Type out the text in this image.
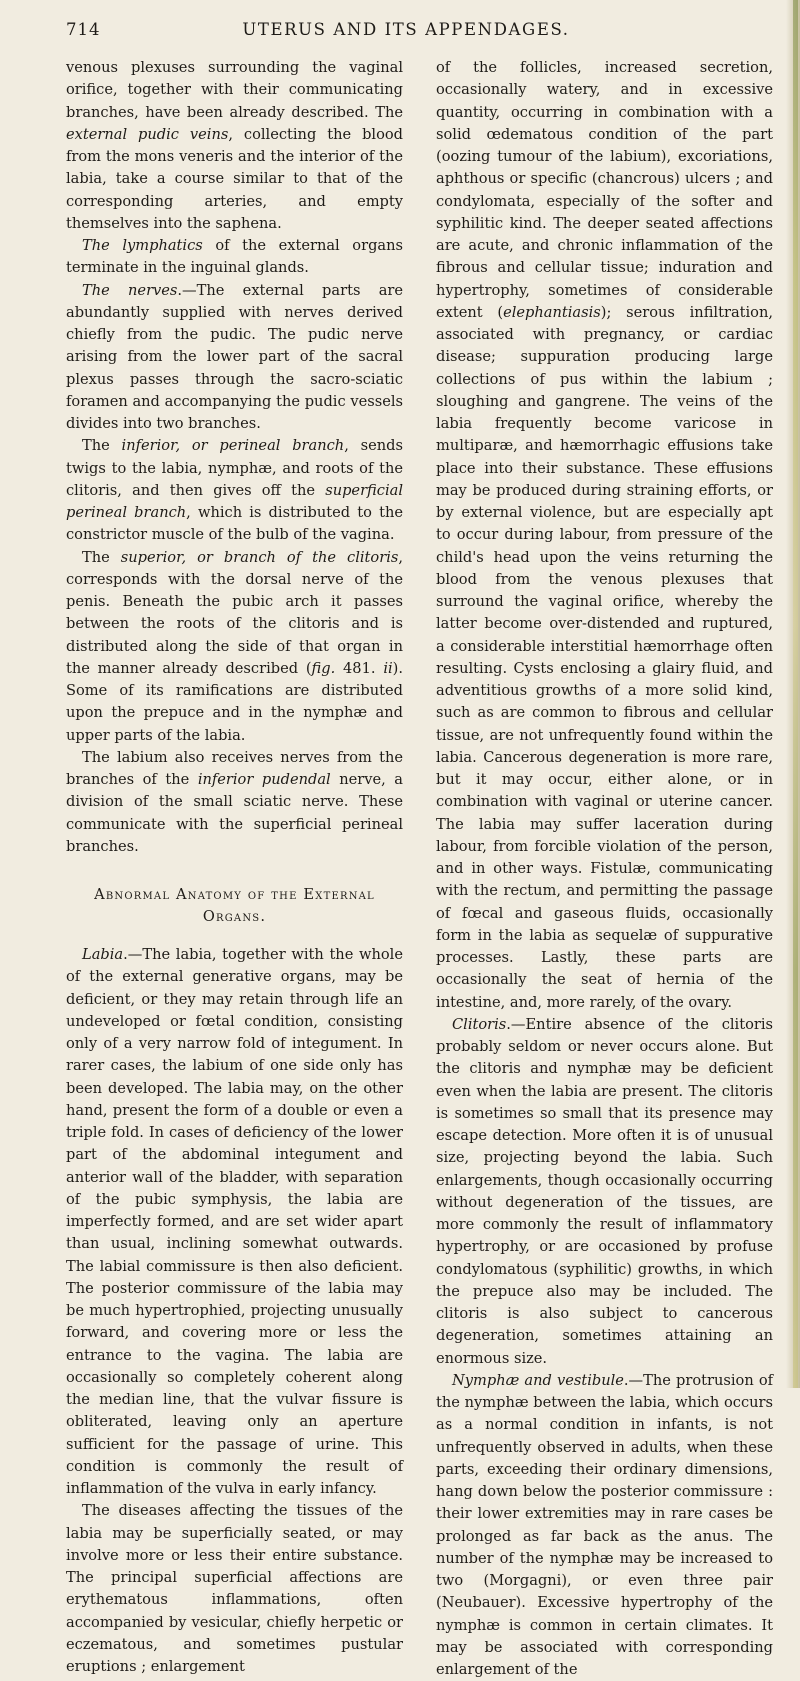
714	UTERUS AND ITS APPENDAGES.

venous plexuses surrounding the vaginal orifice, together with their communicating branches, have been already described. The external pudic veins, collecting the blood from the mons veneris and the interior of the labia, take a course similar to that of the corresponding arteries, and empty themselves into the saphena.

The lymphatics of the external organs terminate in the inguinal glands.

The nerves.—The external parts are abundantly supplied with nerves derived chiefly from the pudic. The pudic nerve arising from the lower part of the sacral plexus passes through the sacro-sciatic foramen and accompanying the pudic vessels divides into two branches.

The inferior, or perineal branch, sends twigs to the labia, nymphæ, and roots of the clitoris, and then gives off the superficial perineal branch, which is distributed to the constrictor muscle of the bulb of the vagina.

The superior, or branch of the clitoris, corresponds with the dorsal nerve of the penis. Beneath the pubic arch it passes between the roots of the clitoris and is distributed along the side of that organ in the manner already described (fig. 481. ii). Some of its ramifications are distributed upon the prepuce and in the nymphæ and upper parts of the labia.

The labium also receives nerves from the branches of the inferior pudendal nerve, a division of the small sciatic nerve. These communicate with the superficial perineal branches.

Abnormal Anatomy of the External Organs.

Labia.—The labia, together with the whole of the external generative organs, may be deficient, or they may retain through life an undeveloped or fœtal condition, consisting only of a very narrow fold of integument. In rarer cases, the labium of one side only has been developed. The labia may, on the other hand, present the form of a double or even a triple fold. In cases of deficiency of the lower part of the abdominal integument and anterior wall of the bladder, with separation of the pubic symphysis, the labia are imperfectly formed, and are set wider apart than usual, inclining somewhat outwards. The labial commissure is then also deficient. The posterior commissure of the labia may be much hypertrophied, projecting unusually forward, and covering more or less the entrance to the vagina. The labia are occasionally so completely coherent along the median line, that the vulvar fissure is obliterated, leaving only an aperture sufficient for the passage of urine. This condition is commonly the result of inflammation of the vulva in early infancy.

The diseases affecting the tissues of the labia may be superficially seated, or may involve more or less their entire substance. The principal superficial affections are erythematous inflammations, often accompanied by vesicular, chiefly herpetic or eczematous, and sometimes pustular eruptions ; enlargement

of the follicles, increased secretion, occasionally watery, and in excessive quantity, occurring in combination with a solid œdematous condition of the part (oozing tumour of the labium), excoriations, aphthous or specific (chancrous) ulcers ; and condylomata, especially of the softer and syphilitic kind. The deeper seated affections are acute, and chronic inflammation of the fibrous and cellular tissue; induration and hypertrophy, sometimes of considerable extent (elephantiasis); serous infiltration, associated with pregnancy, or cardiac disease; suppuration producing large collections of pus within the labium ; sloughing and gangrene. The veins of the labia frequently become varicose in multiparæ, and hæmorrhagic effusions take place into their substance. These effusions may be produced during straining efforts, or by external violence, but are especially apt to occur during labour, from pressure of the child's head upon the veins returning the blood from the venous plexuses that surround the vaginal orifice, whereby the latter become over-distended and ruptured, a considerable interstitial hæmorrhage often resulting. Cysts enclosing a glairy fluid, and adventitious growths of a more solid kind, such as are common to fibrous and cellular tissue, are not unfrequently found within the labia. Cancerous degeneration is more rare, but it may occur, either alone, or in combination with vaginal or uterine cancer. The labia may suffer laceration during labour, from forcible violation of the person, and in other ways. Fistulæ, communicating with the rectum, and permitting the passage of fœcal and gaseous fluids, occasionally form in the labia as sequelæ of suppurative processes. Lastly, these parts are occasionally the seat of hernia of the intestine, and, more rarely, of the ovary.

Clitoris.—Entire absence of the clitoris probably seldom or never occurs alone. But the clitoris and nymphæ may be deficient even when the labia are present. The clitoris is sometimes so small that its presence may escape detection. More often it is of unusual size, projecting beyond the labia. Such enlargements, though occasionally occurring without degeneration of the tissues, are more commonly the result of inflammatory hypertrophy, or are occasioned by profuse condylomatous (syphilitic) growths, in which the prepuce also may be included. The clitoris is also subject to cancerous degeneration, sometimes attaining an enormous size.

Nymphæ and vestibule.—The protrusion of the nymphæ between the labia, which occurs as a normal condition in infants, is not unfrequently observed in adults, when these parts, exceeding their ordinary dimensions, hang down below the posterior commissure : their lower extremities may in rare cases be prolonged as far back as the anus. The number of the nymphæ may be increased to two (Morgagni), or even three pair (Neubauer). Excessive hypertrophy of the nymphæ is common in certain climates. It may be associated with corresponding enlargement of the
